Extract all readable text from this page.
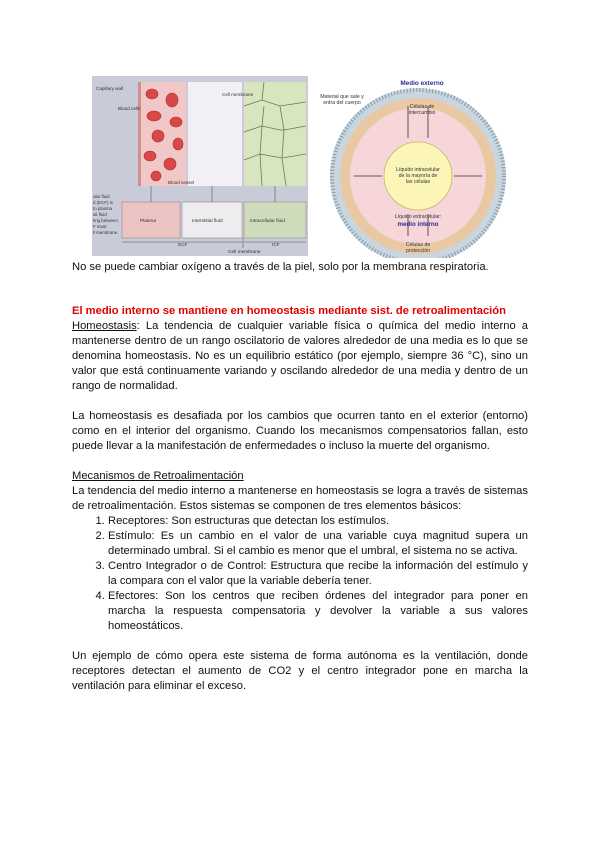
Capillary wall
Blood cells
Cell membrane
Blood vessel
Plasma	Interstitial fluid	Intracellular fluid
ECF	ICF
Cell membrane
ular fluid
d (ECF) is
to plasma
ial fluid
ting between
F must
ll membrane.
Medio externo
Material que sale y
entra del cuerpo
Células de
intercambio
Líquido intracelular
de la mayoría de
las células
Líquido extracelular:
medio interno
Células de
protección
No se puede cambiar oxígeno a través de la piel, solo por la membrana respiratoria.

El medio interno se mantiene en homeostasis mediante sist. de retroalimentación

Homeostasis: La tendencia de cualquier variable física o química del medio interno a mantenerse dentro de un rango oscilatorio de valores alrededor de una media es lo que se denomina homeostasis. No es un equilibrio estático (por ejemplo, siempre 36 °C), sino un valor que está continuamente variando y oscilando alrededor de una media y dentro de un rango de normalidad.

La homeostasis es desafiada por los cambios que ocurren tanto en el exterior (entorno) como en el interior del organismo. Cuando los mecanismos compensatorios fallan, esto puede llevar a la manifestación de enfermedades o incluso la muerte del organismo.

Mecanismos de Retroalimentación

La tendencia del medio interno a mantenerse en homeostasis se logra a través de sistemas de retroalimentación. Estos sistemas se componen de tres elementos básicos:

1. Receptores: Son estructuras que detectan los estímulos.
2. Estímulo: Es un cambio en el valor de una variable cuya magnitud supera un determinado umbral. Si el cambio es menor que el umbral, el sistema no se activa.
3. Centro Integrador o de Control: Estructura que recibe la información del estímulo y la compara con el valor que la variable debería tener.
4. Efectores: Son los centros que reciben órdenes del integrador para poner en marcha la respuesta compensatoria y devolver la variable a sus valores homeostáticos.

Un ejemplo de cómo opera este sistema de forma autónoma es la ventilación, donde receptores detectan el aumento de CO2 y el centro integrador pone en marcha la ventilación para eliminar el exceso.
